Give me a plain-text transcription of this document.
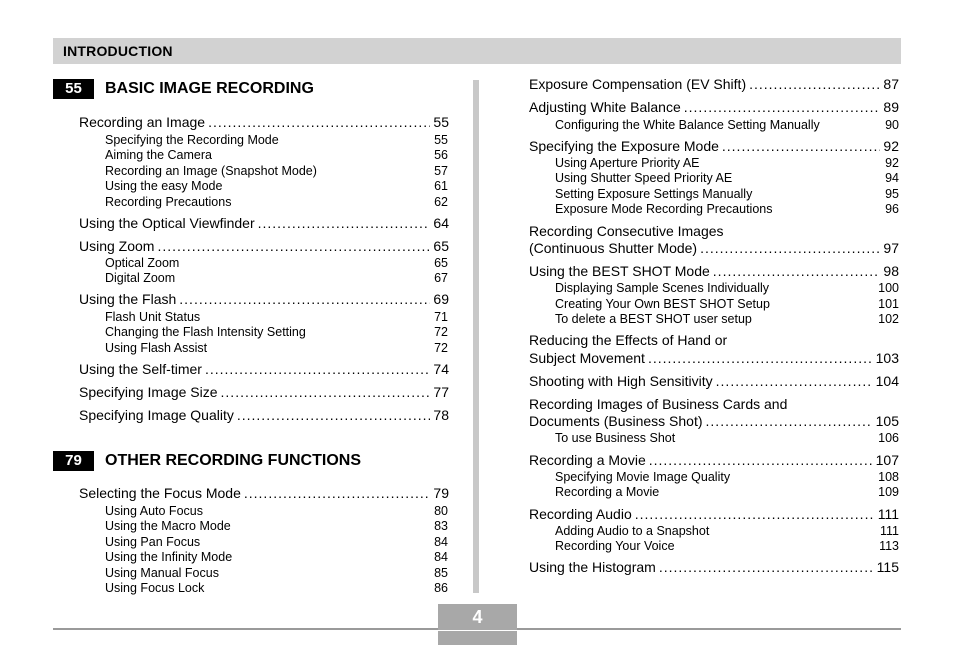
INTRODUCTION
55	BASIC IMAGE RECORDING
Recording an Image .....	55
Specifying the Recording Mode	55
Aiming the Camera	56
Recording an Image (Snapshot Mode)	57
Using the easy Mode	61
Recording Precautions	62
Using the Optical Viewfinder .....	64
Using Zoom .....	65
Optical Zoom	65
Digital Zoom	67
Using the Flash .....	69
Flash Unit Status	71
Changing the Flash Intensity Setting	72
Using Flash Assist	72
Using the Self-timer .....	74
Specifying Image Size .....	77
Specifying Image Quality .....	78
79	OTHER RECORDING FUNCTIONS
Selecting the Focus Mode .....	79
Using Auto Focus	80
Using the Macro Mode	83
Using Pan Focus	84
Using the Infinity Mode	84
Using Manual Focus	85
Using Focus Lock	86
Exposure Compensation (EV Shift) .....	87
Adjusting White Balance .....	89
Configuring the White Balance Setting Manually	90
Specifying the Exposure Mode .....	92
Using Aperture Priority AE	92
Using Shutter Speed Priority AE	94
Setting Exposure Settings Manually	95
Exposure Mode Recording Precautions	96
Recording Consecutive Images
(Continuous Shutter Mode) .....	97
Using the BEST SHOT Mode .....	98
Displaying Sample Scenes Individually	100
Creating Your Own BEST SHOT Setup	101
To delete a BEST SHOT user setup	102
Reducing the Effects of Hand or
Subject Movement .....	103
Shooting with High Sensitivity .....	104
Recording Images of Business Cards and
Documents (Business Shot) .....	105
To use Business Shot	106
Recording a Movie .....	107
Specifying Movie Image Quality	108
Recording a Movie	109
Recording Audio .....	111
Adding Audio to a Snapshot	111
Recording Your Voice	113
Using the Histogram .....	115
4
